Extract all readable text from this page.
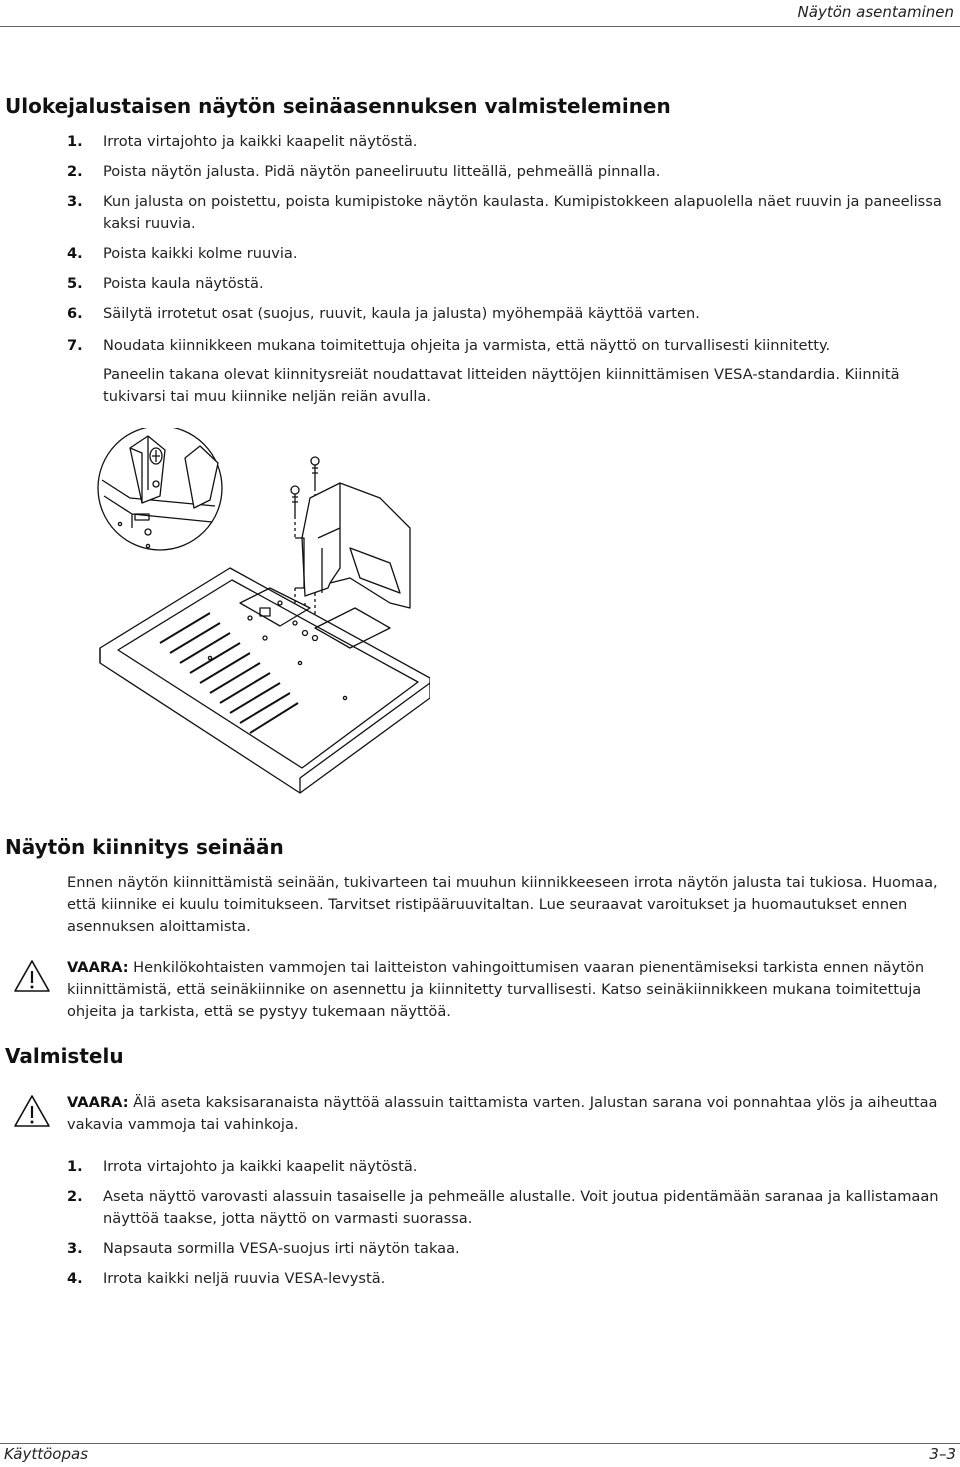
Näytön asentaminen
Ulokejalustaisen näytön seinäasennuksen valmisteleminen
1. Irrota virtajohto ja kaikki kaapelit näytöstä.
2. Poista näytön jalusta. Pidä näytön paneeliruutu litteällä, pehmeällä pinnalla.
3. Kun jalusta on poistettu, poista kumipistoke näytön kaulasta. Kumipistokkeen alapuolella näet ruuvin ja paneelissa kaksi ruuvia.
4. Poista kaikki kolme ruuvia.
5. Poista kaula näytöstä.
6. Säilytä irrotetut osat (suojus, ruuvit, kaula ja jalusta) myöhempää käyttöä varten.
7. Noudata kiinnikkeen mukana toimitettuja ohjeita ja varmista, että näyttö on turvallisesti kiinnitetty.
Paneelin takana olevat kiinnitysreiät noudattavat litteiden näyttöjen kiinnittämisen VESA-standardia. Kiinnitä tukivarsi tai muu kiinnike neljän reiän avulla.
Näytön kiinnitys seinään
Ennen näytön kiinnittämistä seinään, tukivarteen tai muuhun kiinnikkeeseen irrota näytön jalusta tai tukiosa. Huomaa, että kiinnike ei kuulu toimitukseen. Tarvitset ristipääruuvitaltan. Lue seuraavat varoitukset ja huomautukset ennen asennuksen aloittamista.
VAARA: Henkilökohtaisten vammojen tai laitteiston vahingoittumisen vaaran pienentämiseksi tarkista ennen näytön kiinnittämistä, että seinäkiinnike on asennettu ja kiinnitetty turvallisesti. Katso seinäkiinnikkeen mukana toimitettuja ohjeita ja tarkista, että se pystyy tukemaan näyttöä.
Valmistelu
VAARA: Älä aseta kaksisaranaista näyttöä alassuin taittamista varten. Jalustan sarana voi ponnahtaa ylös ja aiheuttaa vakavia vammoja tai vahinkoja.
1. Irrota virtajohto ja kaikki kaapelit näytöstä.
2. Aseta näyttö varovasti alassuin tasaiselle ja pehmeälle alustalle. Voit joutua pidentämään saranaa ja kallistamaan näyttöä taakse, jotta näyttö on varmasti suorassa.
3. Napsauta sormilla VESA-suojus irti näytön takaa.
4. Irrota kaikki neljä ruuvia VESA-levystä.
Käyttöopas	3–3
